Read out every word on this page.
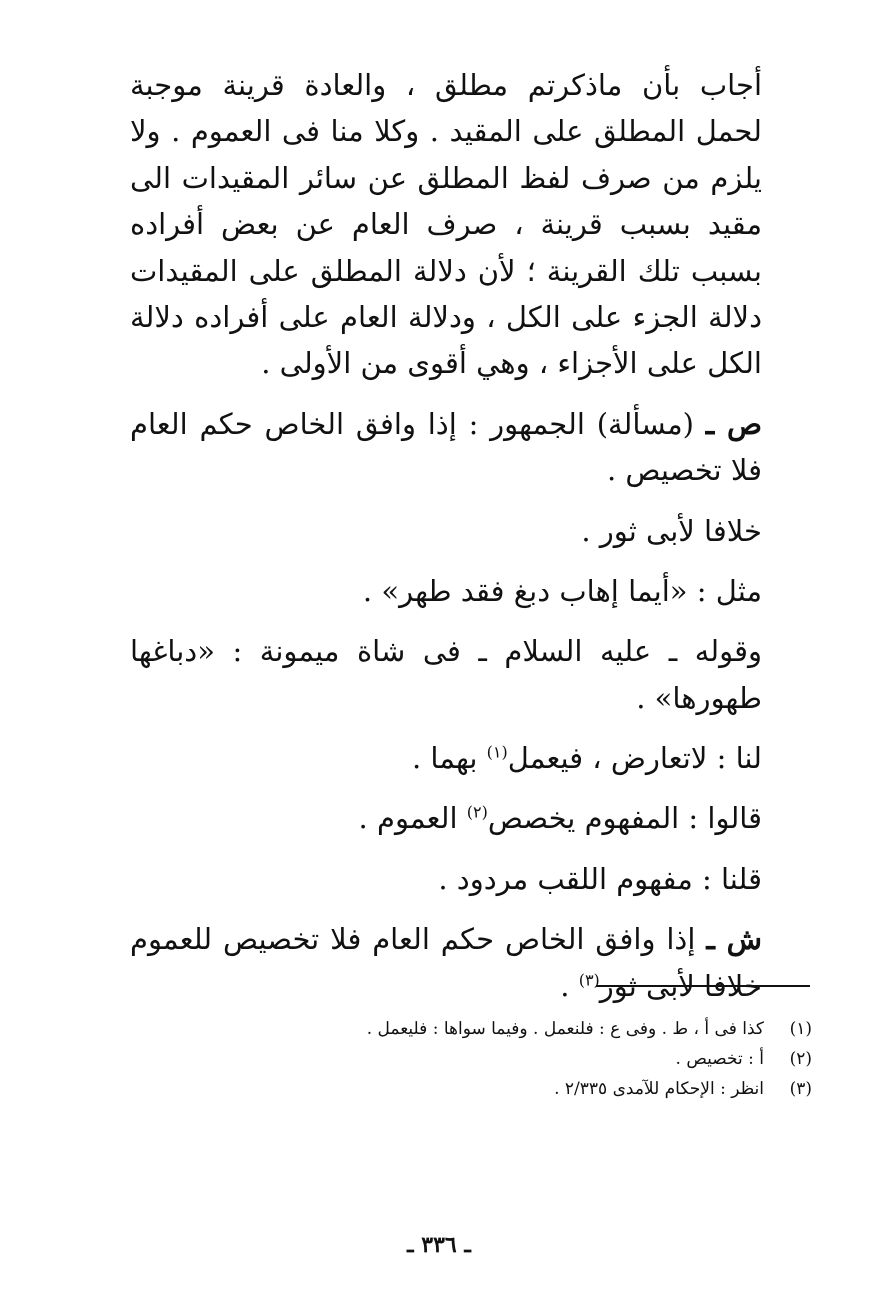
أجاب بأن ماذكرتم مطلق ، والعادة قرينة موجبة لحمل المطلق على المقيد . وكلا منا فى العموم . ولا يلزم من صرف لفظ المطلق عن سائر المقيدات الى مقيد بسبب قرينة ، صرف العام عن بعض أفراده بسبب تلك القرينة ؛ لأن دلالة المطلق على المقيدات دلالة الجزء على الكل ، ودلالة العام على أفراده دلالة الكل على الأجزاء ، وهي أقوى من الأولى .

ص ـ (مسألة) الجمهور : إذا وافق الخاص حكم العام فلا تخصيص .

خلافا لأبى ثور .

مثل : «أيما إهاب دبغ فقد طهر» .

وقوله ـ عليه السلام ـ فى شاة ميمونة : «دباغها طهورها» .

لنا : لاتعارض ، فيعمل$^{(١)}$ بهما .

قالوا : المفهوم يخصص$^{(٢)}$ العموم .

قلنا : مفهوم اللقب مردود .

ش ـ إذا وافق الخاص حكم العام فلا تخصيص للعموم خلافا لأبى ثور$^{(٣)}$ .

(١)
كذا فى أ ، ط . وفى ع : فلنعمل . وفيما سواها : فليعمل .
(٢)
أ : تخصيص .
(٣)
انظر : الإحكام للآمدى ٢/٣٣٥ .
ـ ٣٣٦ ـ
